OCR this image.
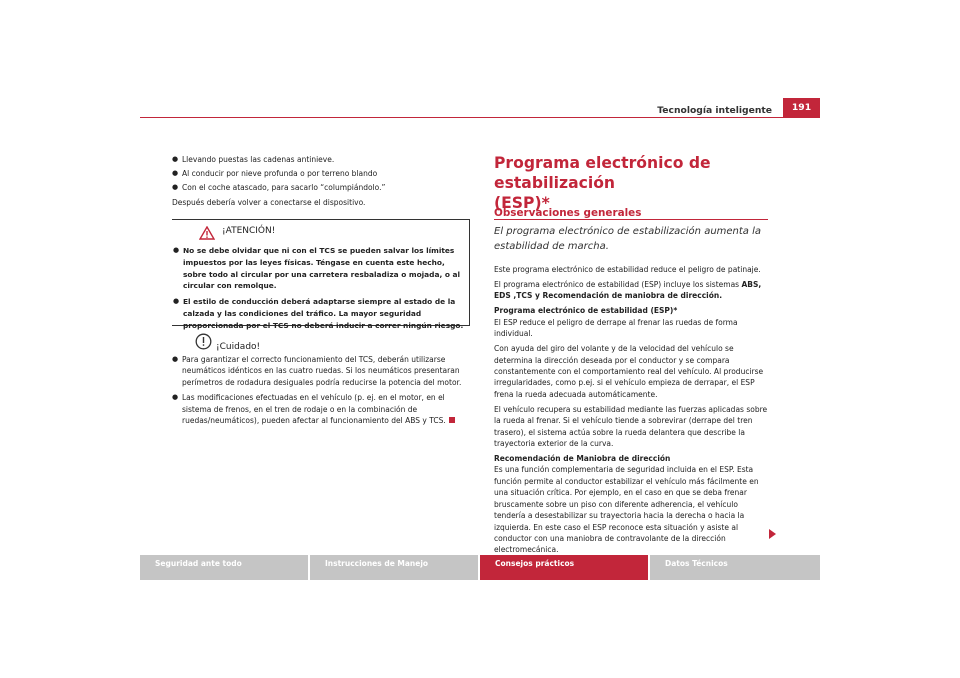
Tecnología inteligente	191
● Llevando puestas las cadenas antinieve.
● Al conducir por nieve profunda o por terreno blando
● Con el coche atascado, para sacarlo “columpiándolo.”
Después debería volver a conectarse el dispositivo.
¡ATENCIÓN!
● No se debe olvidar que ni con el TCS se pueden salvar los límites impuestos por las leyes físicas. Téngase en cuenta este hecho, sobre todo al circular por una carretera resbaladiza o mojada, o al circular con remolque.
● El estilo de conducción deberá adaptarse siempre al estado de la calzada y las condiciones del tráfico. La mayor seguridad proporcionada por el TCS no deberá inducir a correr ningún riesgo.
¡Cuidado!
● Para garantizar el correcto funcionamiento del TCS, deberán utilizarse neumáticos idénticos en las cuatro ruedas. Si los neumáticos presentaran perímetros de rodadura desiguales podría reducirse la potencia del motor.
● Las modificaciones efectuadas en el vehículo (p. ej. en el motor, en el sistema de frenos, en el tren de rodaje o en la combinación de ruedas/neumáticos), pueden afectar al funcionamiento del ABS y TCS.
Programa electrónico de estabilización
(ESP)*
Observaciones generales
El programa electrónico de estabilización aumenta la estabilidad de marcha.

Este programa electrónico de estabilidad reduce el peligro de patinaje.

El programa electrónico de estabilidad (ESP) incluye los sistemas ABS, EDS ,TCS y Recomendación de maniobra de dirección.

Programa electrónico de estabilidad (ESP)*

El ESP reduce el peligro de derrape al frenar las ruedas de forma individual.

Con ayuda del giro del volante y de la velocidad del vehículo se determina la dirección deseada por el conductor y se compara constantemente con el comportamiento real del vehículo. Al producirse irregularidades, como p.ej. si el vehículo empieza de derrapar, el ESP frena la rueda adecuada automáticamente.

El vehículo recupera su estabilidad mediante las fuerzas aplicadas sobre la rueda al frenar. Si el vehículo tiende a sobrevirar (derrape del tren trasero), el sistema actúa sobre la rueda delantera que describe la trayectoria exterior de la curva.

Recomendación de Maniobra de dirección

Es una función complementaria de seguridad incluida en el ESP. Esta función permite al conductor estabilizar el vehículo más fácilmente en una situación crítica. Por ejemplo, en el caso en que se deba frenar bruscamente sobre un piso con diferente adherencia, el vehículo tendería a desestabilizar su trayectoria hacia la derecha o hacia la izquierda. En este caso el ESP reconoce esta situación y asiste al conductor con una maniobra de contravolante de la dirección electromecánica.

Seguridad ante todo	Instrucciones de Manejo	Consejos prácticos	Datos Técnicos
